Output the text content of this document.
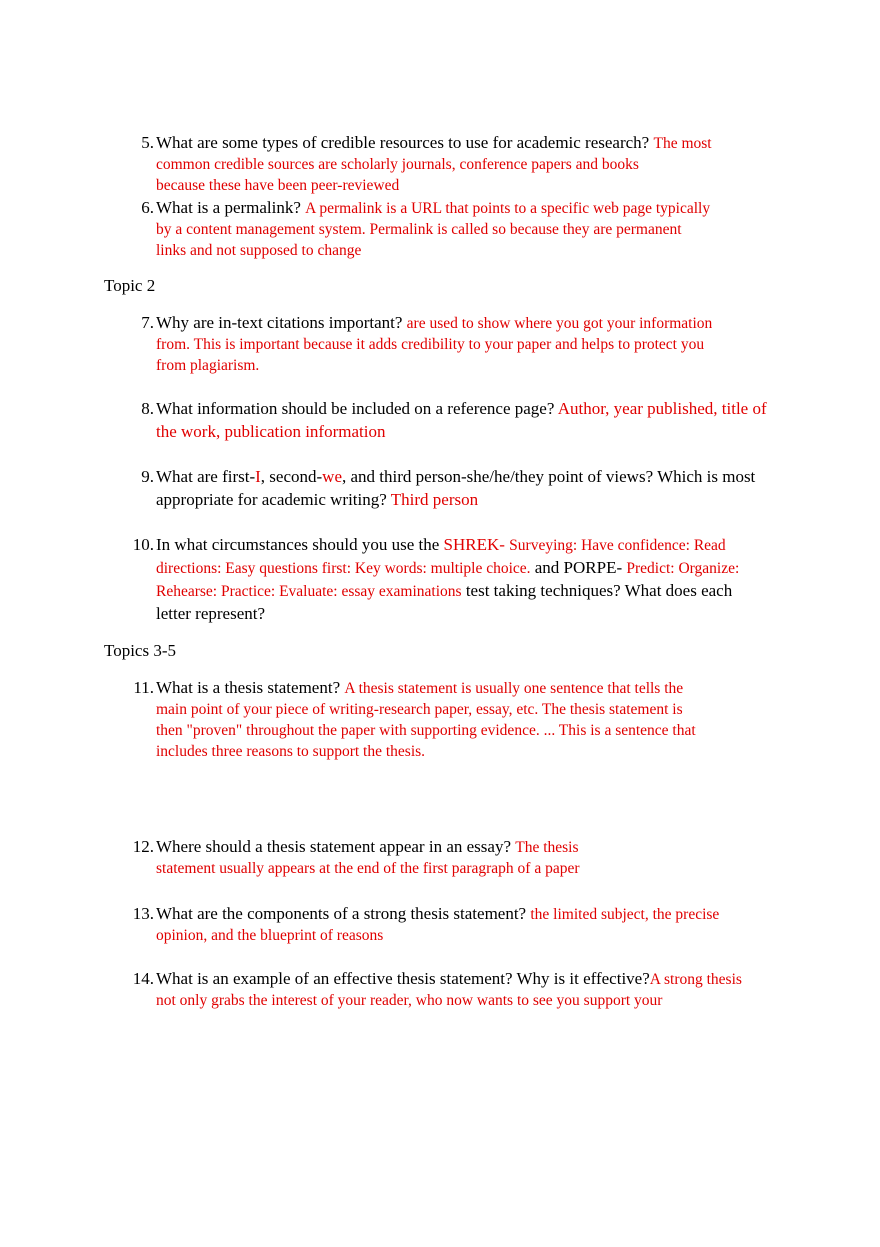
5. What are some types of credible resources to use for academic research? The most
common credible sources are scholarly journals, conference papers and books
because these have been peer-reviewed
6. What is a permalink? A permalink is a URL that points to a specific web page typically
by a content management system. Permalink is called so because they are permanent
links and not supposed to change
Topic 2
7. Why are in-text citations important? are used to show where you got your information
from. This is important because it adds credibility to your paper and helps to protect you
from plagiarism.
8. What information should be included on a reference page? Author, year published, title of
the work, publication information
9. What are first-I, second-we, and third person-she/he/they point of views? Which is most
appropriate for academic writing? Third person
10. In what circumstances should you use the SHREK- Surveying: Have confidence: Read
directions: Easy questions first: Key words: multiple choice. and PORPE- Predict: Organize:
Rehearse: Practice: Evaluate: essay examinations test taking techniques? What does each
letter represent?
Topics 3-5
11. What is a thesis statement? A thesis statement is usually one sentence that tells the
main point of your piece of writing-research paper, essay, etc. The thesis statement is
then "proven" throughout the paper with supporting evidence. ... This is a sentence that
includes three reasons to support the thesis.
12. Where should a thesis statement appear in an essay? The thesis
statement usually appears at the end of the first paragraph of a paper
13. What are the components of a strong thesis statement? the limited subject, the precise
opinion, and the blueprint of reasons
14. What is an example of an effective thesis statement? Why is it effective?A strong thesis
not only grabs the interest of your reader, who now wants to see you support your
